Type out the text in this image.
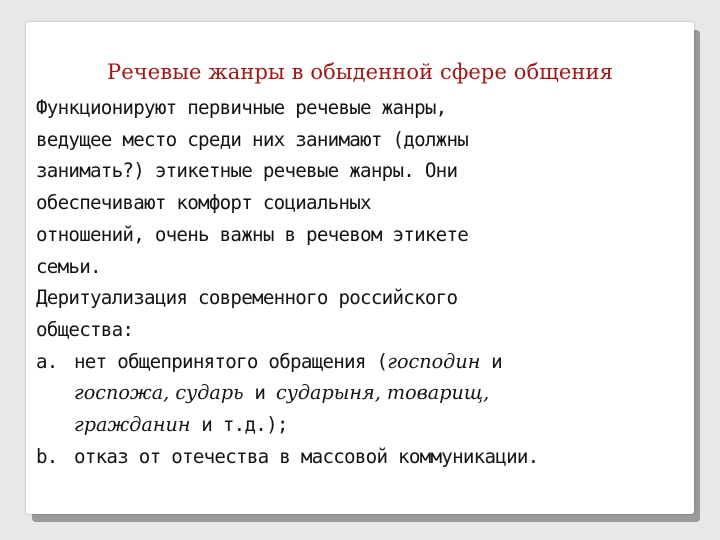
Речевые жанры в обыденной сфере общения
Функционируют первичные речевые жанры,
ведущее место среди них занимают (должны
занимать?) этикетные речевые жанры. Они
обеспечивают комфорт социальных
отношений, очень важны в речевом этикете
семьи.
Деритуализация современного российского
общества:
a. нет общепринятого обращения (господин и
госпожа, сударь и сударыня, товарищ,
гражданин и т.д.);
b. отказ от отечества в массовой коммуникации.
